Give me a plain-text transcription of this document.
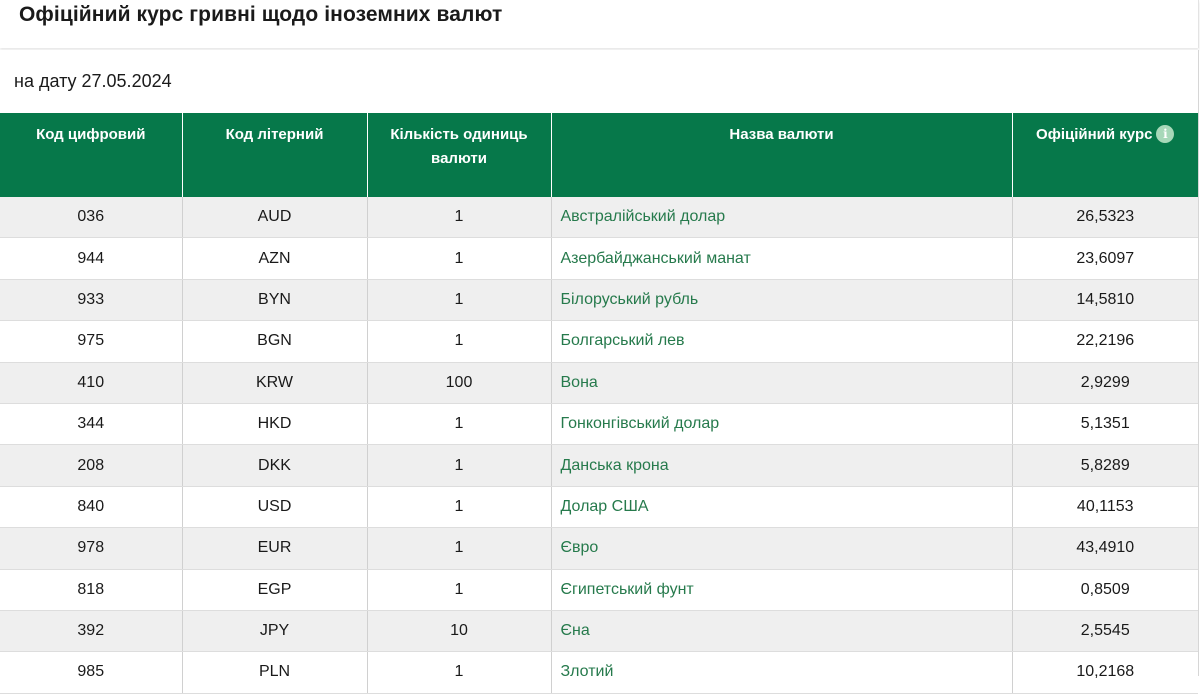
Офіційний курс гривні щодо іноземних валют
на дату 27.05.2024
Код цифровий	Код літерний	Кількість одиниць валюти	Назва валюти	Офіційний курс i
036	AUD	1	Австралійський долар	26,5323
944	AZN	1	Азербайджанський манат	23,6097
933	BYN	1	Білоруський рубль	14,5810
975	BGN	1	Болгарський лев	22,2196
410	KRW	100	Вона	2,9299
344	HKD	1	Гонконгівський долар	5,1351
208	DKK	1	Данська крона	5,8289
840	USD	1	Долар США	40,1153
978	EUR	1	Євро	43,4910
818	EGP	1	Єгипетський фунт	0,8509
392	JPY	10	Єна	2,5545
985	PLN	1	Злотий	10,2168
